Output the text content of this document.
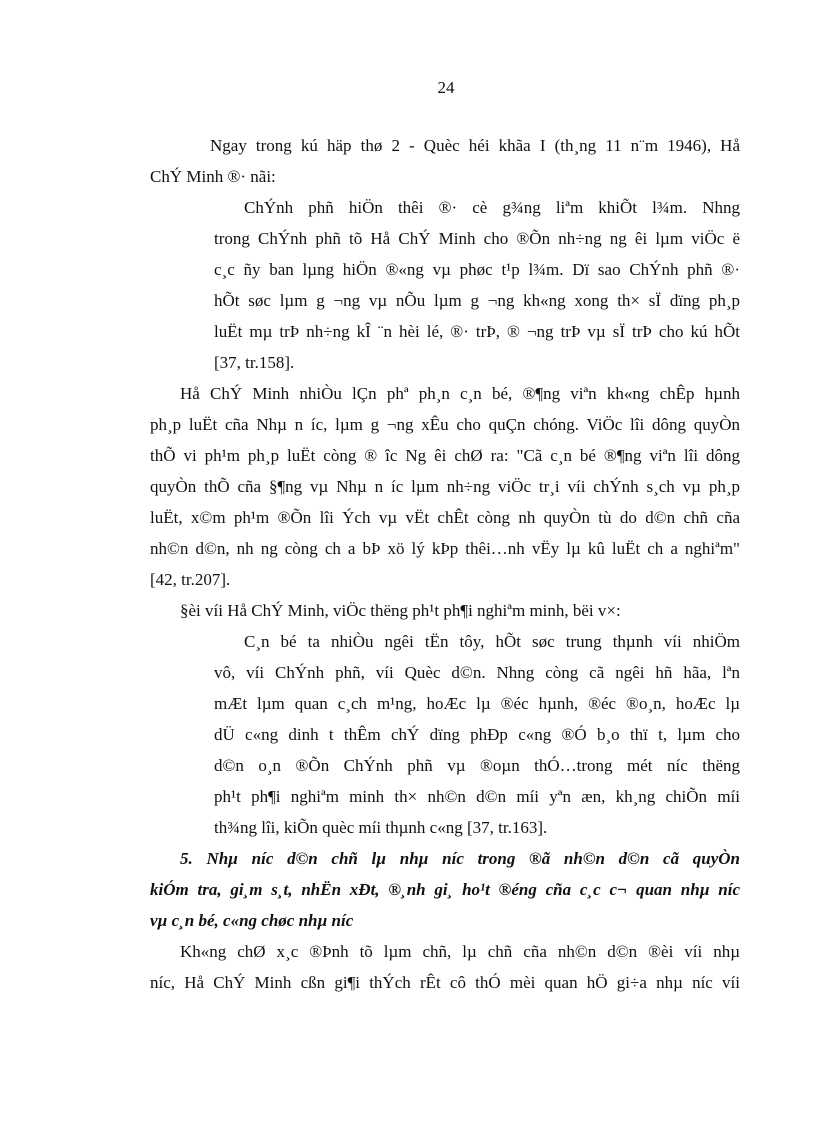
24
Ngay trong kú häp thø 2 - Quèc héi khãa I (th¸ng 11 n¨m 1946), Hå
ChÝ Minh ®· nãi:
ChÝnh phñ hiÖn thêi ®· cè g¾ng liªm khiÕt l¾m. Nhng
trong ChÝnh phñ tõ Hå ChÝ Minh cho ®Õn nh÷ng ng êi lµm viÖc ë
c¸c ñy ban lµng hiÖn ®«ng vµ phøc t¹p l¾m. Dï sao ChÝnh phñ ®·
hÕt søc lµm g ¬ng vµ nÕu lµm g ¬ng kh«ng xong th× sÏ dïng ph¸p
luËt mµ trÞ nh÷ng kÎ ¨n hèi lé, ®· trÞ, ® ¬ng trÞ vµ sÏ trÞ cho kú hÕt
[37, tr.158].
Hå ChÝ Minh nhiÒu lÇn phª ph¸n c¸n bé, ®¶ng viªn kh«ng chÊp hµnh
ph¸p luËt cña Nhµ n íc, lµm g ¬ng xÊu cho quÇn chóng. ViÖc lîi dông quyÒn
thÕ vi ph¹m ph¸p luËt còng ® îc Ng êi chØ ra: "Cã c¸n bé ®¶ng viªn lîi dông
quyÒn thÕ cña §¶ng vµ Nhµ n íc lµm nh÷ng viÖc tr¸i víi chÝnh s¸ch vµ ph¸p
luËt, x©m ph¹m ®Õn lîi Ých vµ vËt chÊt còng nh quyÒn tù do d©n chñ cña
nh©n d©n, nh ng còng ch a bÞ xö lý kÞp thêi…nh vËy lµ kû luËt ch a nghiªm"
[42, tr.207].
§èi víi Hå ChÝ Minh, viÖc thëng ph¹t ph¶i nghiªm minh, bëi v×:
C¸n bé ta nhiÒu ngêi tËn tôy, hÕt søc trung thµnh víi nhiÖm
vô, víi ChÝnh phñ, víi Quèc d©n. Nhng còng cã ngêi hñ hãa, lªn
mÆt lµm quan c¸ch m¹ng, hoÆc lµ ®éc hµnh, ®éc ®o¸n, hoÆc lµ
dÜ c«ng dinh t thÊm chÝ dïng phÐp c«ng ®Ó b¸o thï t, lµm cho
d©n o¸n ®Õn ChÝnh phñ vµ ®oµn thÓ…trong mét níc thëng
ph¹t ph¶i nghiªm minh th× nh©n d©n míi yªn æn, kh¸ng chiÕn míi
th¾ng lîi, kiÕn quèc míi thµnh c«ng [37, tr.163].
5. Nhµ níc d©n chñ lµ nhµ níc trong ®ã nh©n d©n cã quyÒn
kiÓm tra, gi¸m s¸t, nhËn xÐt, ®¸nh gi¸ ho¹t ®éng cña c¸c c¬ quan nhµ níc
vµ c¸n bé, c«ng chøc nhµ níc
Kh«ng chØ x¸c ®Þnh tõ lµm chñ, lµ chñ cña nh©n d©n ®èi víi nhµ
níc, Hå ChÝ Minh cßn gi¶i thÝch rÊt cô thÓ mèi quan hÖ gi÷a nhµ níc víi
